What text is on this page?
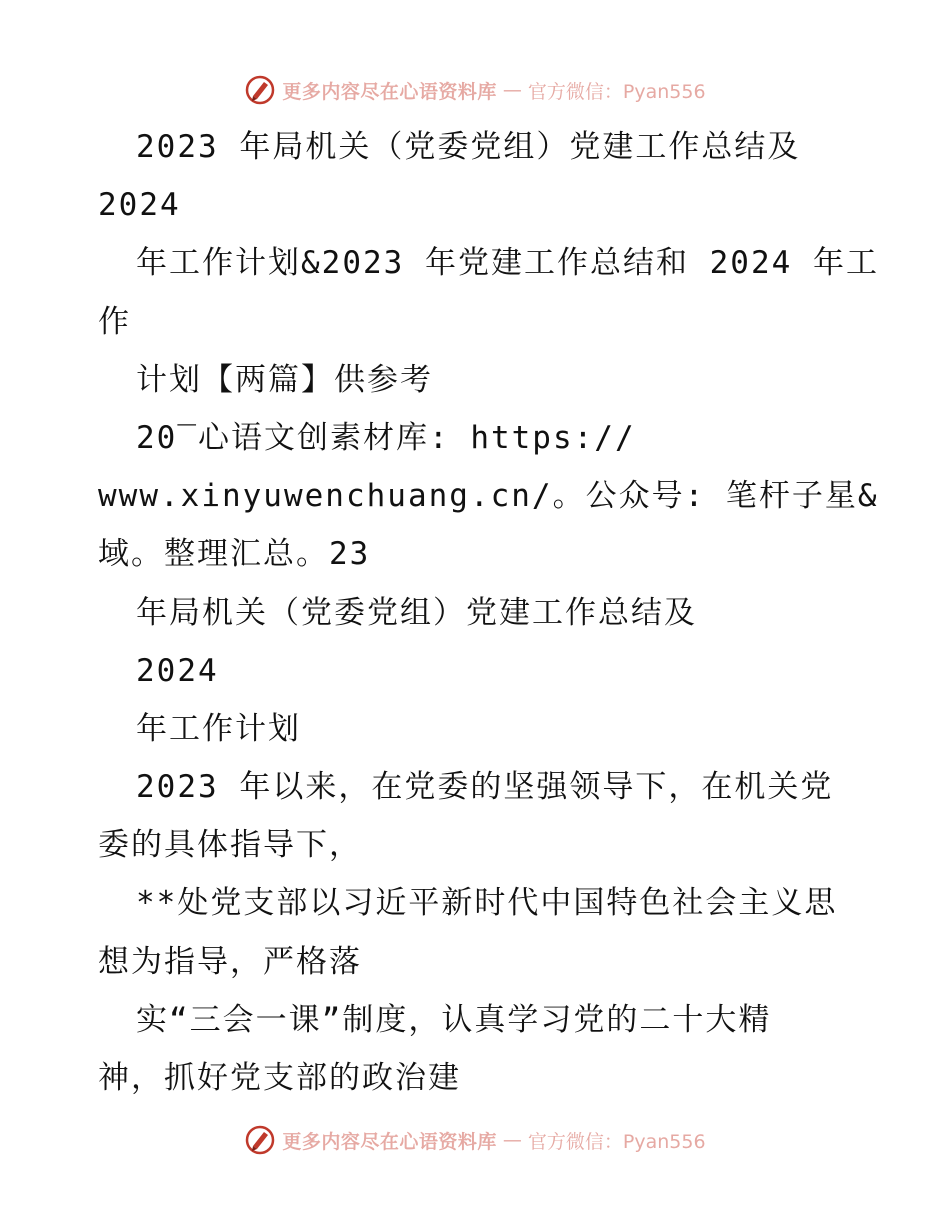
更多内容尽在心语资料库 — 官方微信：Pyan556
2023 年局机关（党委党组）党建工作总结及
2024
年工作计划&2023 年党建工作总结和 2024 年工
作
计划【两篇】供参考
20‾心语文创素材库: https://
www.xinyuwenchuang.cn/。公众号: 笔杆子星&
域。整理汇总。23
年局机关（党委党组）党建工作总结及
2024
年工作计划
2023 年以来，在党委的坚强领导下，在机关党
委的具体指导下，
**处党支部以习近平新时代中国特色社会主义思
想为指导，严格落
实“三会一课”制度，认真学习党的二十大精
神，抓好党支部的政治建
更多内容尽在心语资料库 — 官方微信：Pyan556
